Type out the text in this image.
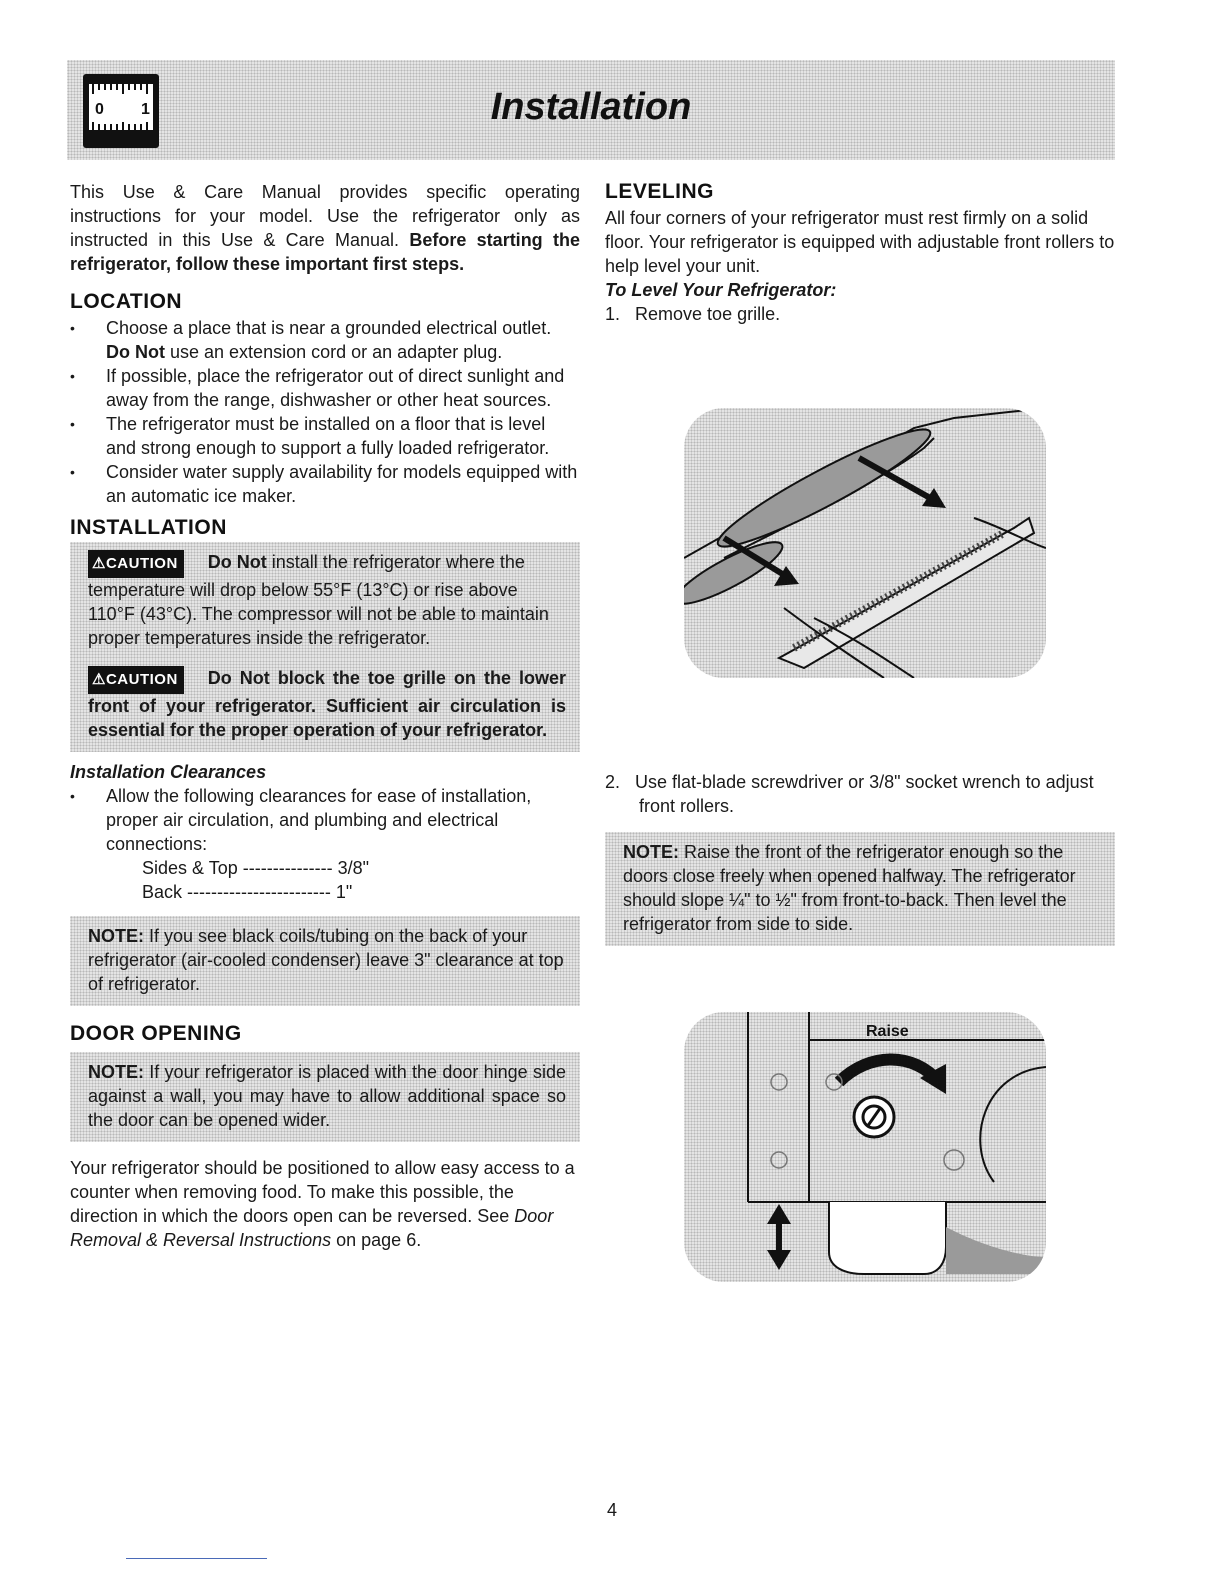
0 1	Installation

This Use & Care Manual provides specific operating instructions for your model. Use the refrigerator only as instructed in this Use & Care Manual. Before starting the refrigerator, follow these important first steps.

LOCATION
• Choose a place that is near a grounded electrical outlet. Do Not use an extension cord or an adapter plug.
• If possible, place the refrigerator out of direct sunlight and away from the range, dishwasher or other heat sources.
• The refrigerator must be installed on a floor that is level and strong enough to support a fully loaded refrigerator.
• Consider water supply availability for models equipped with an automatic ice maker.
INSTALLATION
⚠CAUTION Do Not install the refrigerator where the temperature will drop below 55°F (13°C) or rise above 110°F (43°C). The compressor will not be able to maintain proper temperatures inside the refrigerator.
⚠CAUTION Do Not block the toe grille on the lower front of your refrigerator. Sufficient air circulation is essential for the proper operation of your refrigerator.

Installation Clearances

• Allow the following clearances for ease of installation, proper air circulation, and plumbing and electrical connections:

Sides & Top --------------- 3/8"

Back ------------------------ 1"

NOTE: If you see black coils/tubing on the back of your refrigerator (air-cooled condenser) leave 3" clearance at top of refrigerator.
DOOR OPENING
NOTE: If your refrigerator is placed with the door hinge side against a wall, you may have to allow additional space so the door can be opened wider.

Your refrigerator should be positioned to allow easy access to a counter when removing food. To make this possible, the direction in which the doors open can be reversed. See Door Removal & Reversal Instructions on page 6.

LEVELING

All four corners of your refrigerator must rest firmly on a solid floor. Your refrigerator is equipped with adjustable front rollers to help level your unit.

To Level Your Refrigerator:

1. Remove toe grille.

2. Use flat-blade screwdriver or 3/8" socket wrench to adjust front rollers.

NOTE: Raise the front of the refrigerator enough so the doors close freely when opened halfway. The refrigerator should slope ¼" to ½" from front-to-back. Then level the refrigerator from side to side.
Raise
4
